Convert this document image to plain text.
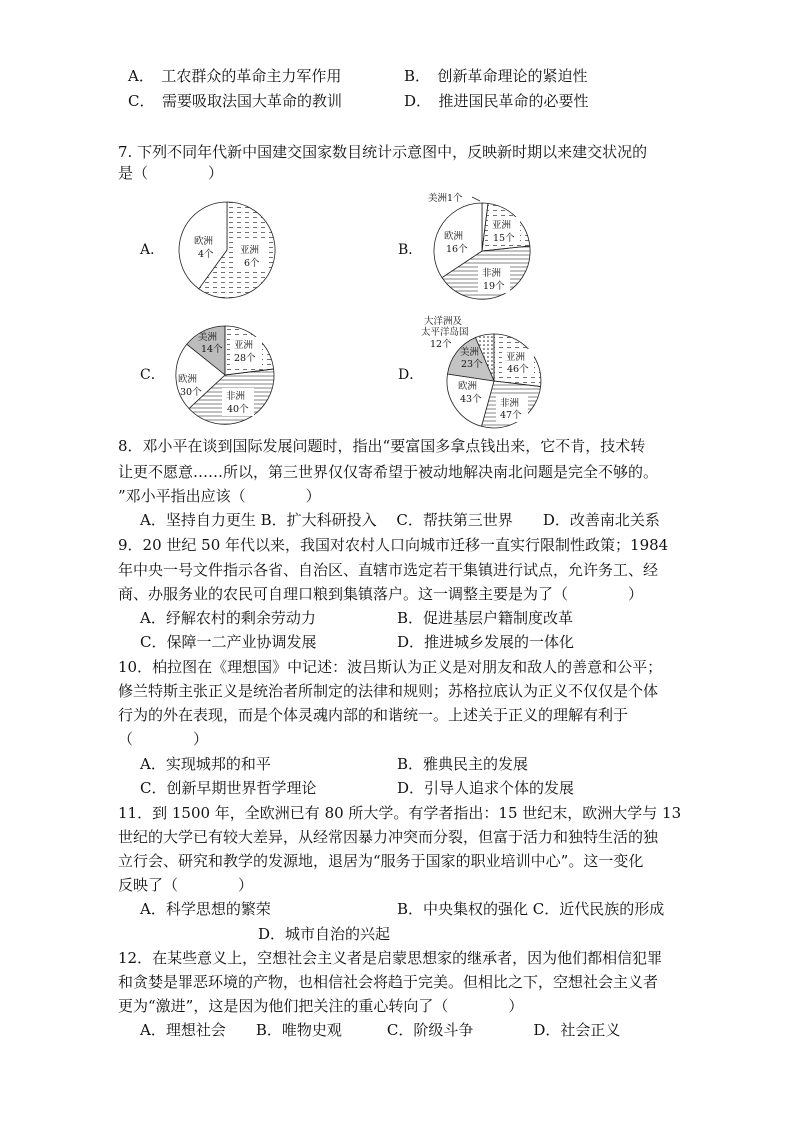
A．　工农群众的革命主力军作用	B．　创新革命理论的紧迫性
C．　需要吸取法国大革命的教训	D．　推进国民革命的必要性
7. 下列不同年代新中国建交国家数目统计示意图中，反映新时期以来建交状况的
是（　　　　）
A．	B．
C．	D．
欧洲
4个	亚洲
6个
美洲1个
亚洲
15个
非洲
19个
欧洲
16个
美洲
14个 亚洲
28个
非洲
40个
欧洲
30个
大洋洲及
太平洋岛国
12个
亚洲
46个
非洲
47个
欧洲
43个
美洲
23个
8．邓小平在谈到国际发展问题时，指出“要富国多拿点钱出来，它不肯，技术转
让更不愿意……所以，第三世界仅仅寄希望于被动地解决南北问题是完全不够的。
”邓小平指出应该（　　　　）
A．坚持自力更生 B．扩大科研投入　 C．帮扶第三世界　　D．改善南北关系
9．20 世纪 50 年代以来，我国对农村人口向城市迁移一直实行限制性政策；1984
年中央一号文件指示各省、自治区、直辖市选定若干集镇进行试点，允许务工、经
商、办服务业的农民可自理口粮到集镇落户。这一调整主要是为了（　　　　）
A．纾解农村的剩余劳动力	B．促进基层户籍制度改革
C．保障一二产业协调发展	D．推进城乡发展的一体化
10．柏拉图在《理想国》中记述：波吕斯认为正义是对朋友和敌人的善意和公平；
修兰特斯主张正义是统治者所制定的法律和规则；苏格拉底认为正义不仅仅是个体
行为的外在表现，而是个体灵魂内部的和谐统一。上述关于正义的理解有利于
（　　　　）
A．实现城邦的和平	B．雅典民主的发展
C．创新早期世界哲学理论	D．引导人追求个体的发展
11．到 1500 年，全欧洲已有 80 所大学。有学者指出：15 世纪末，欧洲大学与 13
世纪的大学已有较大差异，从经常因暴力冲突而分裂，但富于活力和独特生活的独
立行会、研究和教学的发源地，退居为“服务于国家的职业培训中心”。这一变化
反映了（　　　　）
A．科学思想的繁荣	B．中央集权的强化 C．近代民族的形成
D．城市自治的兴起
12．在某些意义上，空想社会主义者是启蒙思想家的继承者，因为他们都相信犯罪
和贪婪是罪恶环境的产物，也相信社会将趋于完美。但相比之下，空想社会主义者
更为“激进”，这是因为他们把关注的重心转向了（　　　　）
A．理想社会　　B．唯物史观　　　C．阶级斗争　　　　D．社会正义
